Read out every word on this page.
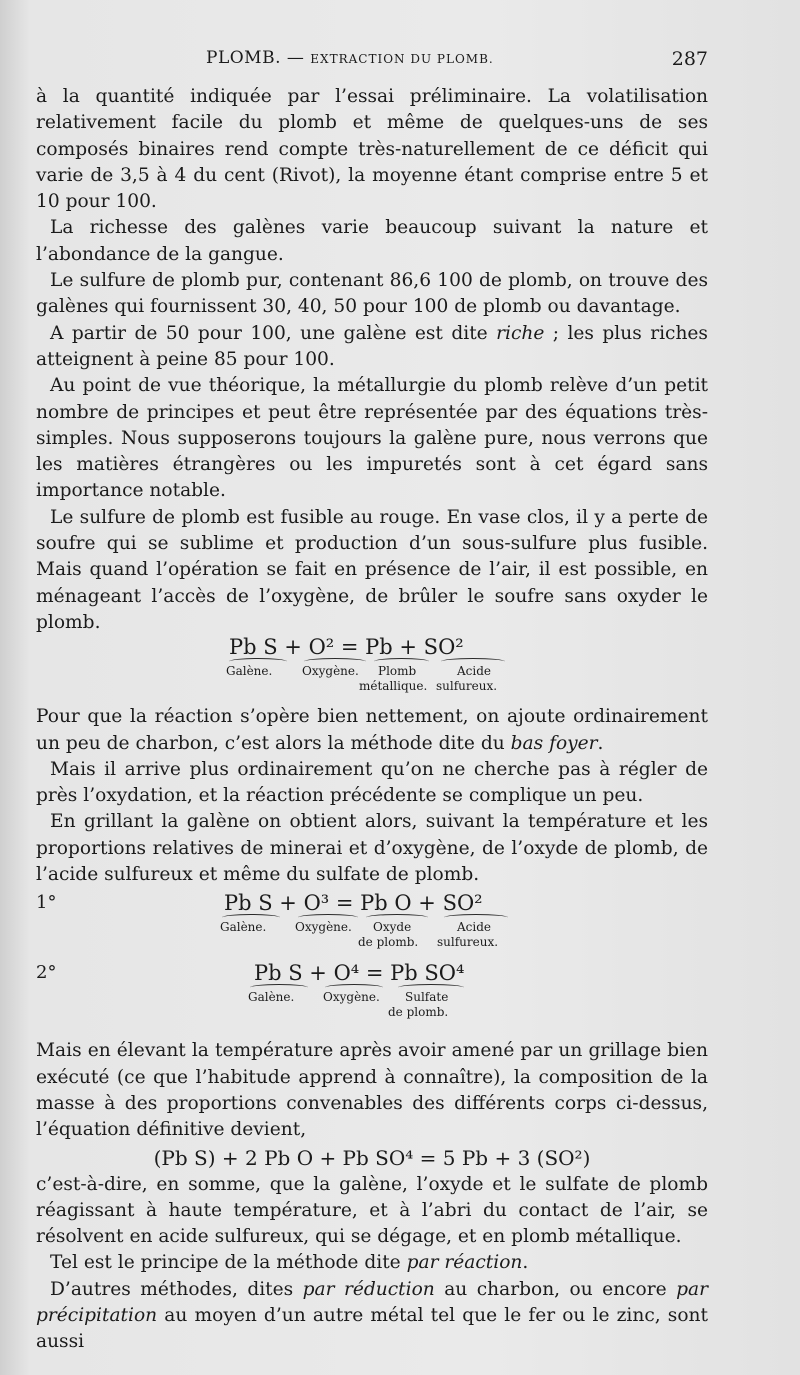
PLOMB. — EXTRACTION DU PLOMB.	287

à la quantité indiquée par l’essai préliminaire. La volatilisation relativement facile du plomb et même de quelques-uns de ses composés binaires rend compte très-naturellement de ce déficit qui varie de 3,5 à 4 du cent (Rivot), la moyenne étant comprise entre 5 et 10 pour 100.

La richesse des galènes varie beaucoup suivant la nature et l’abondance de la gangue.

Le sulfure de plomb pur, contenant 86,6 100 de plomb, on trouve des galènes qui fournissent 30, 40, 50 pour 100 de plomb ou davantage.

A partir de 50 pour 100, une galène est dite riche ; les plus riches atteignent à peine 85 pour 100.

Au point de vue théorique, la métallurgie du plomb relève d’un petit nombre de principes et peut être représentée par des équations très-simples. Nous supposerons toujours la galène pure, nous verrons que les matières étrangères ou les impuretés sont à cet égard sans importance notable.

Le sulfure de plomb est fusible au rouge. En vase clos, il y a perte de soufre qui se sublime et production d’un sous-sulfure plus fusible. Mais quand l’opération se fait en présence de l’air, il est possible, en ménageant l’accès de l’oxygène, de brûler le soufre sans oxyder le plomb.

Pb S + O² = Pb + SO²
Galène. Oxygène. Plomb	Acide
métallique. sulfureux.

Pour que la réaction s’opère bien nettement, on ajoute ordinairement un peu de charbon, c’est alors la méthode dite du bas foyer.

Mais il arrive plus ordinairement qu’on ne cherche pas à régler de près l’oxydation, et la réaction précédente se complique un peu.

En grillant la galène on obtient alors, suivant la température et les proportions relatives de minerai et d’oxygène, de l’oxyde de plomb, de l’acide sulfureux et même du sulfate de plomb.

1°	Pb S + O³ = Pb O + SO²
Galène. Oxygène. Oxyde	Acide
de plomb. sulfureux.
2°	Pb S + O⁴ = Pb SO⁴
Galène. Oxygène. Sulfate
de plomb.

Mais en élevant la température après avoir amené par un grillage bien exécuté (ce que l’habitude apprend à connaître), la composition de la masse à des proportions convenables des différents corps ci-dessus, l’équation définitive devient,

(Pb S) + 2 Pb O + Pb SO⁴ = 5 Pb + 3 (SO²)

c’est-à-dire, en somme, que la galène, l’oxyde et le sulfate de plomb réagissant à haute température, et à l’abri du contact de l’air, se résolvent en acide sulfureux, qui se dégage, et en plomb métallique.

Tel est le principe de la méthode dite par réaction.

D’autres méthodes, dites par réduction au charbon, ou encore par précipitation au moyen d’un autre métal tel que le fer ou le zinc, sont aussi
